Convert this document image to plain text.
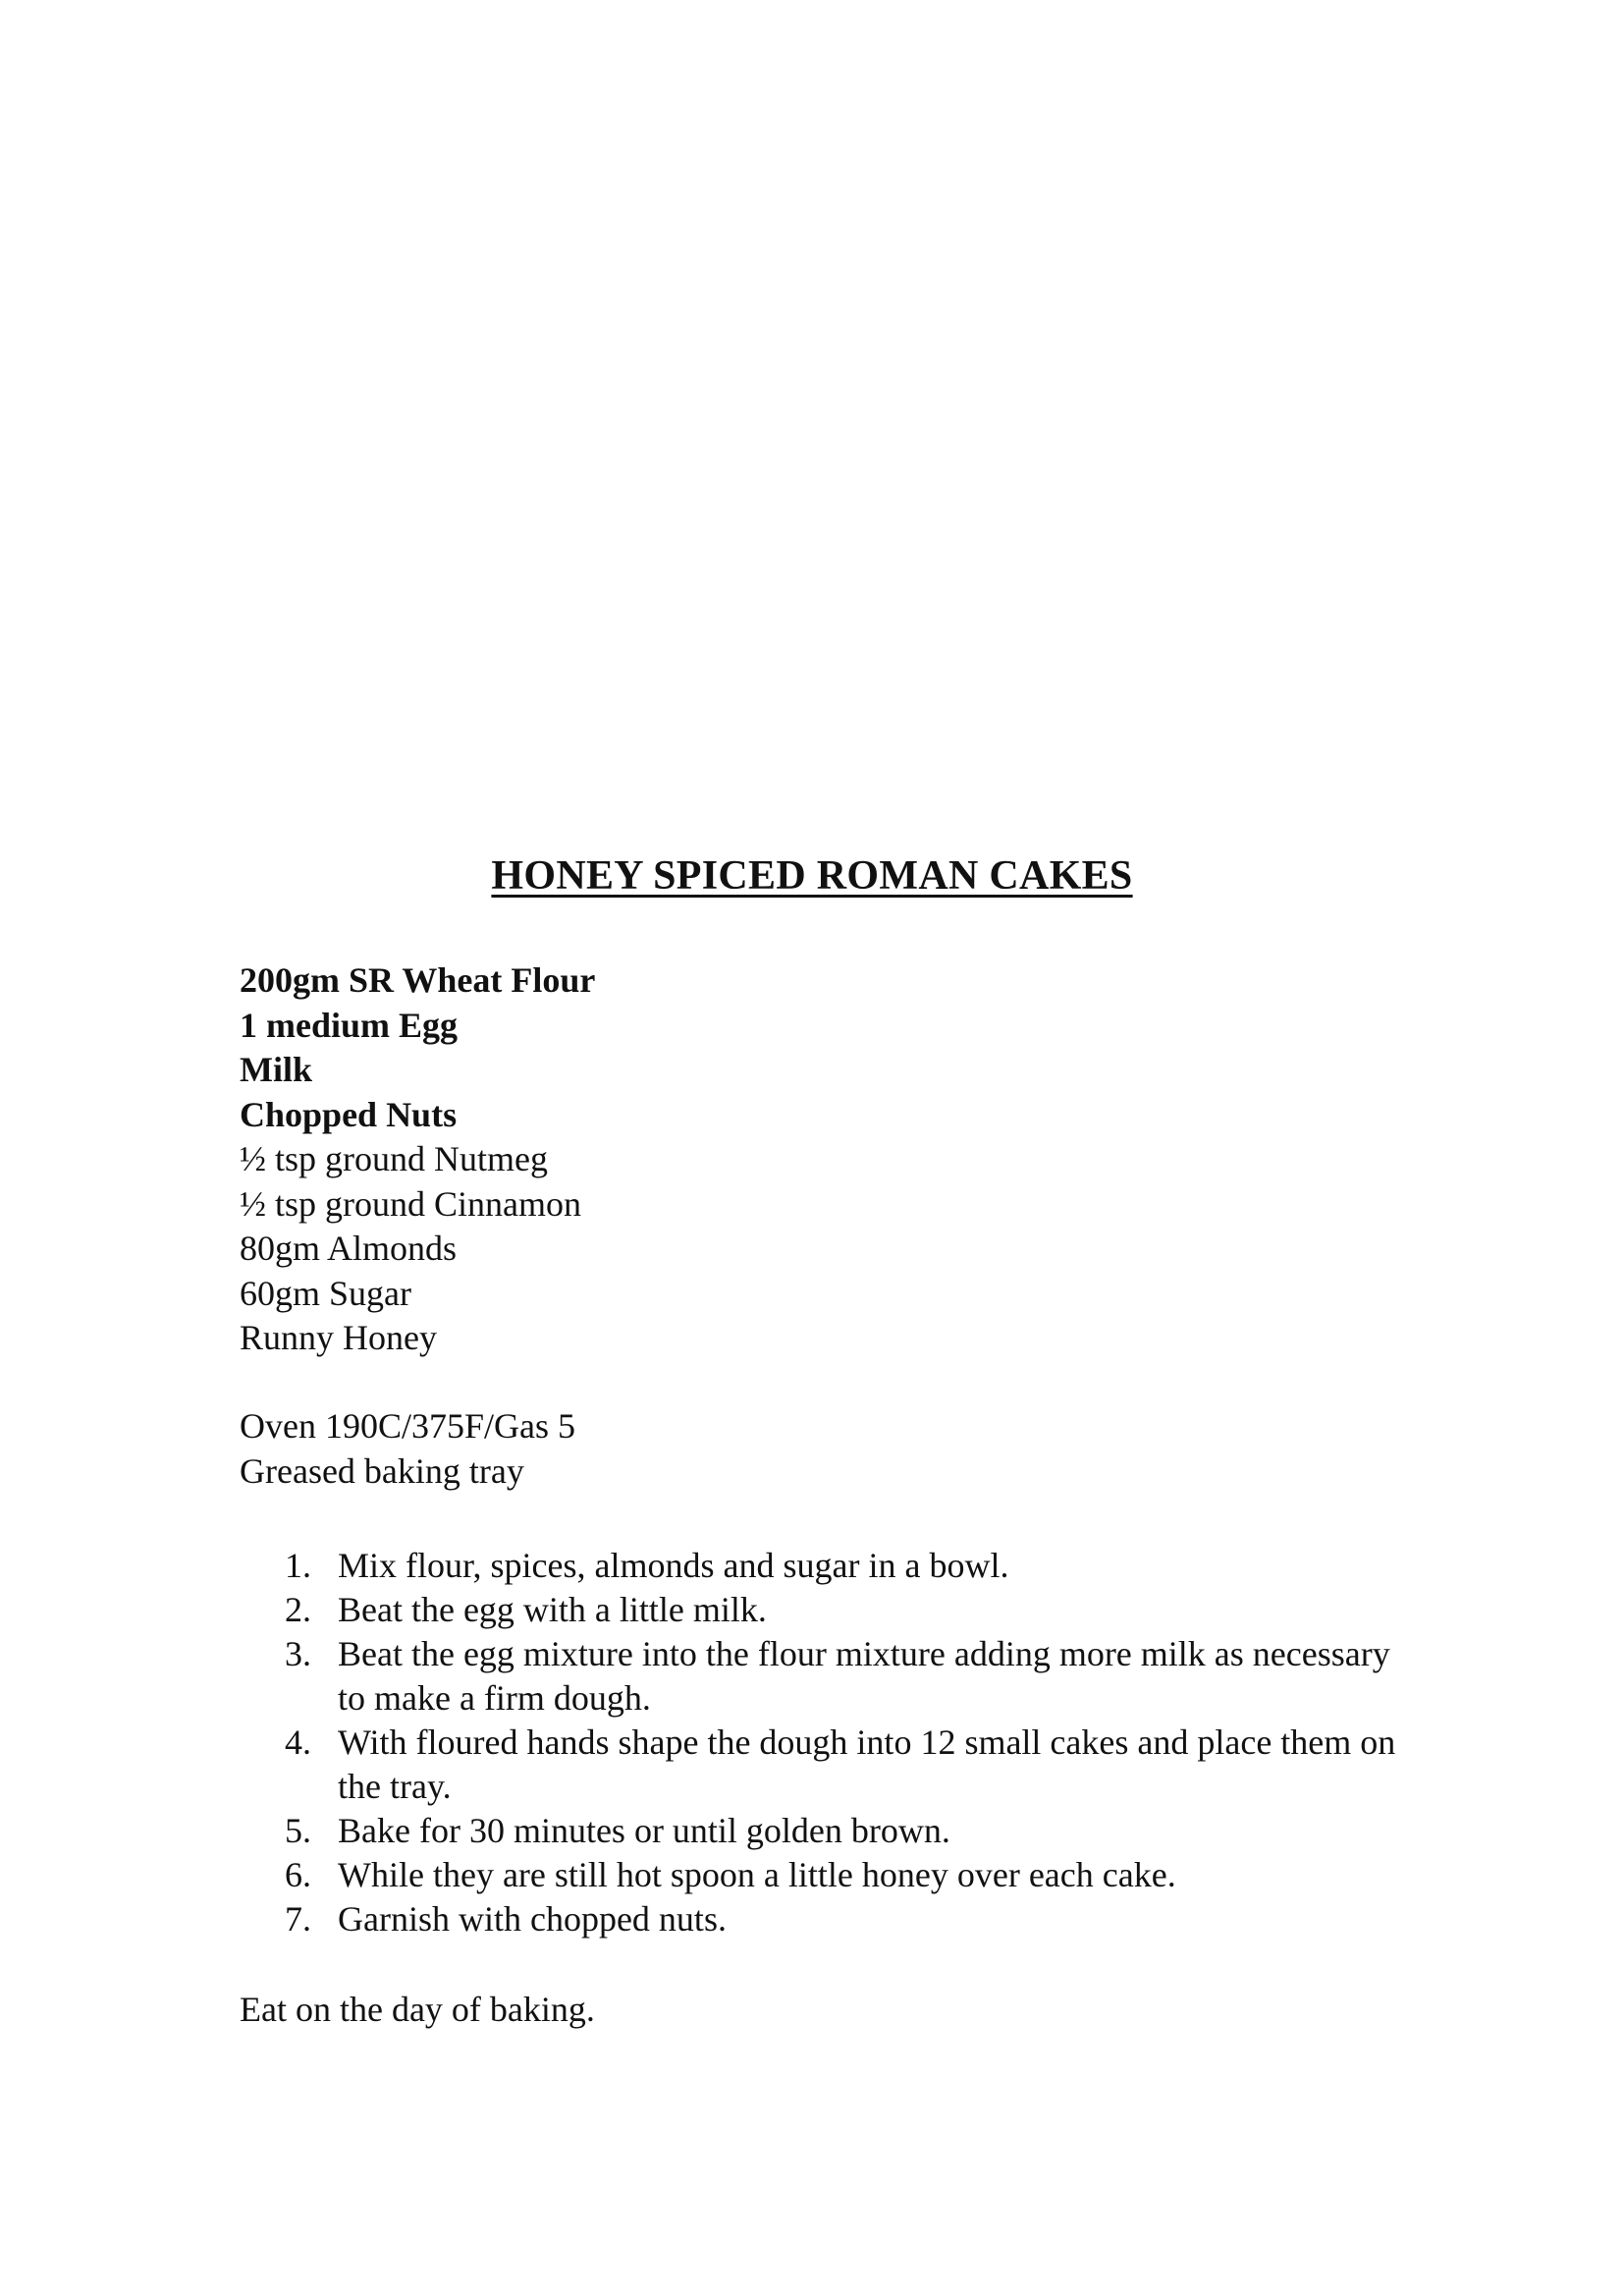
HONEY SPICED ROMAN CAKES
200gm SR Wheat Flour
1 medium Egg
Milk
Chopped Nuts
½ tsp ground Nutmeg
½ tsp ground Cinnamon
80gm Almonds
60gm Sugar
Runny Honey
Oven 190C/375F/Gas 5
Greased baking tray
1. Mix flour, spices, almonds and sugar in a bowl.
2. Beat the egg with a little milk.
3. Beat the egg mixture into the flour mixture adding more milk as necessary to make a firm dough.
4. With floured hands shape the dough into 12 small cakes and place them on the tray.
5. Bake for 30 minutes or until golden brown.
6. While they are still hot spoon a little honey over each cake.
7. Garnish with chopped nuts.

Eat on the day of baking.
